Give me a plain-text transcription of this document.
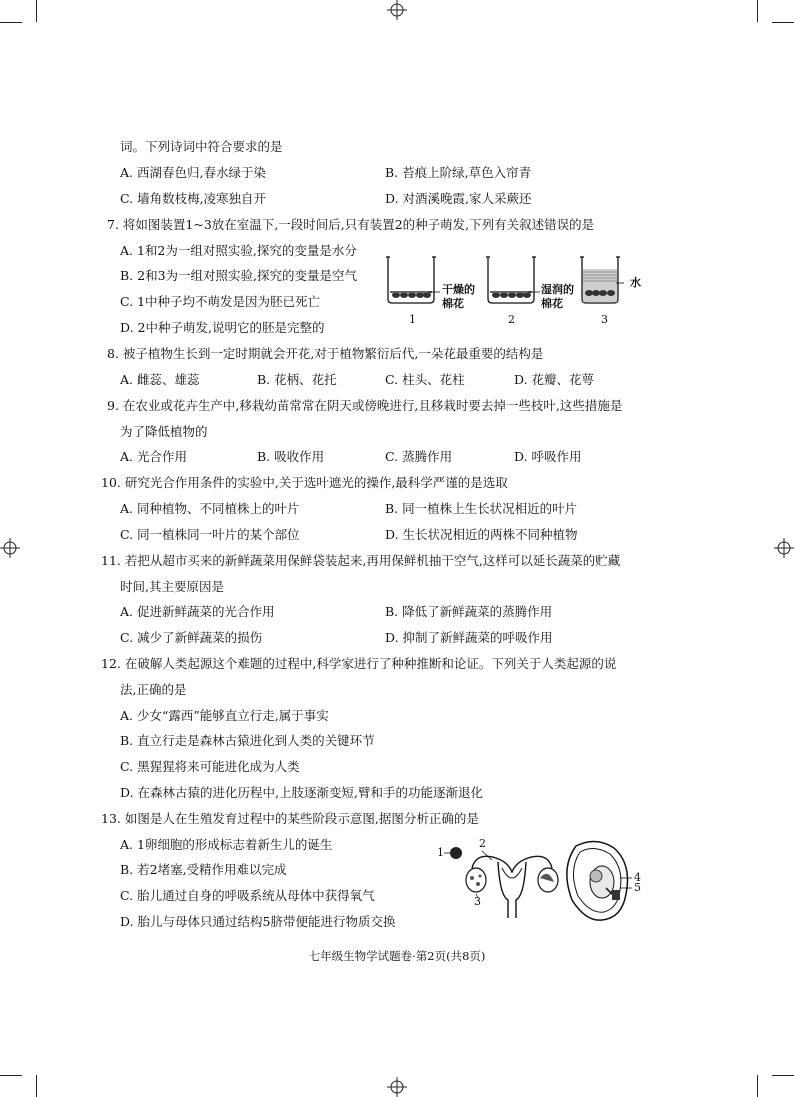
词。下列诗词中符合要求的是
A. 西湖春色归,春水绿于染	B. 苔痕上阶绿,草色入帘青
C. 墙角数枝梅,凌寒独自开	D. 对酒溪晚霞,家人采蕨还
7. 将如图装置1~3放在室温下,一段时间后,只有装置2的种子萌发,下列有关叙述错误的是
A. 1和2为一组对照实验,探究的变量是水分
B. 2和3为一组对照实验,探究的变量是空气
C. 1中种子均不萌发是因为胚已死亡
D. 2中种子萌发,说明它的胚是完整的
干燥的
棉花
湿润的
棉花
水
1	2	3
8. 被子植物生长到一定时期就会开花,对于植物繁衍后代,一朵花最重要的结构是
A. 雌蕊、雄蕊	B. 花柄、花托	C. 柱头、花柱	D. 花瓣、花萼
9. 在农业或花卉生产中,移栽幼苗常常在阴天或傍晚进行,且移栽时要去掉一些枝叶,这些措施是
为了降低植物的
A. 光合作用	B. 吸收作用	C. 蒸腾作用	D. 呼吸作用
10. 研究光合作用条件的实验中,关于选叶遮光的操作,最科学严谨的是选取
A. 同种植物、不同植株上的叶片	B. 同一植株上生长状况相近的叶片
C. 同一植株同一叶片的某个部位	D. 生长状况相近的两株不同种植物
11. 若把从超市买来的新鲜蔬菜用保鲜袋装起来,再用保鲜机抽干空气,这样可以延长蔬菜的贮藏
时间,其主要原因是
A. 促进新鲜蔬菜的光合作用	B. 降低了新鲜蔬菜的蒸腾作用
C. 减少了新鲜蔬菜的损伤	D. 抑制了新鲜蔬菜的呼吸作用
12. 在破解人类起源这个难题的过程中,科学家进行了种种推断和论证。下列关于人类起源的说
法,正确的是
A. 少女“露西”能够直立行走,属于事实
B. 直立行走是森林古猿进化到人类的关键环节
C. 黑猩猩将来可能进化成为人类
D. 在森林古猿的进化历程中,上肢逐渐变短,臂和手的功能逐渐退化
13. 如图是人在生殖发育过程中的某些阶段示意图,据图分析正确的是
A. 1卵细胞的形成标志着新生儿的诞生
B. 若2堵塞,受精作用难以完成
C. 胎儿通过自身的呼吸系统从母体中获得氧气
D. 胎儿与母体只通过结构5脐带便能进行物质交换
1
2
3
4
5
七年级生物学试题卷·第2页(共8页)
